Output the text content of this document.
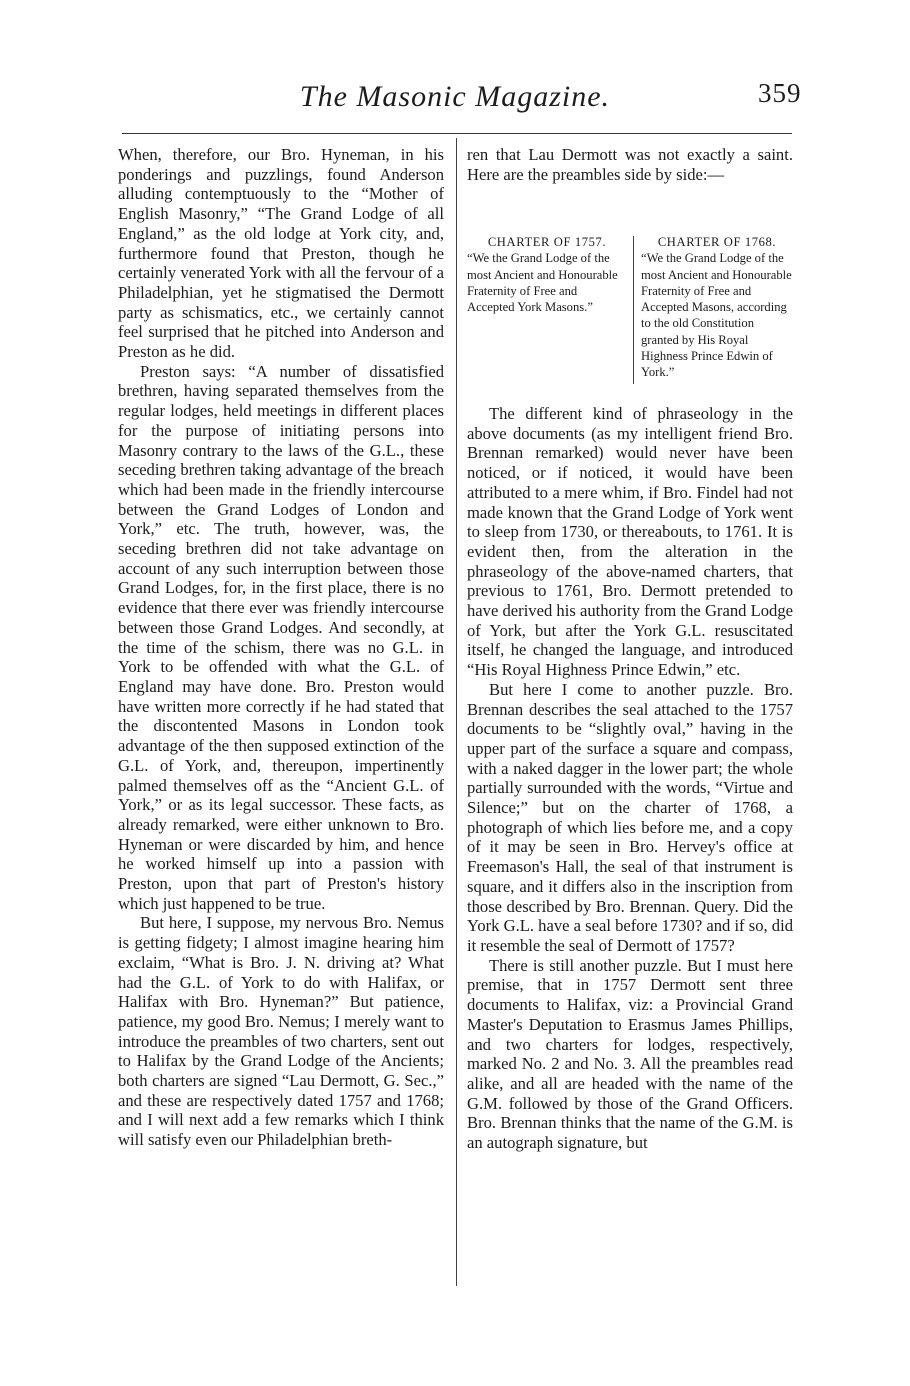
The Masonic Magazine.	359

When, therefore, our Bro. Hyneman, in his ponderings and puzzlings, found Anderson alluding contemptuously to the “Mother of English Masonry,” “The Grand Lodge of all England,” as the old lodge at York city, and, furthermore found that Preston, though he certainly venerated York with all the fervour of a Philadelphian, yet he stigmatised the Dermott party as schismatics, etc., we certainly cannot feel surprised that he pitched into Anderson and Preston as he did.

Preston says: “A number of dissatisfied brethren, having separated themselves from the regular lodges, held meetings in different places for the purpose of initiating persons into Masonry contrary to the laws of the G.L., these seceding brethren taking advantage of the breach which had been made in the friendly intercourse between the Grand Lodges of London and York,” etc. The truth, however, was, the seceding brethren did not take advantage on account of any such interruption between those Grand Lodges, for, in the first place, there is no evidence that there ever was friendly intercourse between those Grand Lodges. And secondly, at the time of the schism, there was no G.L. in York to be offended with what the G.L. of England may have done. Bro. Preston would have written more correctly if he had stated that the discontented Masons in London took advantage of the then supposed extinction of the G.L. of York, and, thereupon, impertinently palmed themselves off as the “Ancient G.L. of York,” or as its legal successor. These facts, as already remarked, were either unknown to Bro. Hyneman or were discarded by him, and hence he worked himself up into a passion with Preston, upon that part of Preston's history which just happened to be true.

But here, I suppose, my nervous Bro. Nemus is getting fidgety; I almost imagine hearing him exclaim, “What is Bro. J. N. driving at? What had the G.L. of York to do with Halifax, or Halifax with Bro. Hyneman?” But patience, patience, my good Bro. Nemus; I merely want to introduce the preambles of two charters, sent out to Halifax by the Grand Lodge of the Ancients; both charters are signed “Lau Dermott, G. Sec.,” and these are respectively dated 1757 and 1768; and I will next add a few remarks which I think will satisfy even our Philadelphian breth-

ren that Lau Dermott was not exactly a saint. Here are the preambles side by side:—

CHARTER OF 1757.
“We the Grand Lodge of the most Ancient and Honourable Fraternity of Free and Accepted York Masons.”
CHARTER OF 1768.
“We the Grand Lodge of the most Ancient and Honourable Fraternity of Free and Accepted Masons, according to the old Constitution granted by His Royal Highness Prince Edwin of York.”

The different kind of phraseology in the above documents (as my intelligent friend Bro. Brennan remarked) would never have been noticed, or if noticed, it would have been attributed to a mere whim, if Bro. Findel had not made known that the Grand Lodge of York went to sleep from 1730, or thereabouts, to 1761. It is evident then, from the alteration in the phraseology of the above-named charters, that previous to 1761, Bro. Dermott pretended to have derived his authority from the Grand Lodge of York, but after the York G.L. resuscitated itself, he changed the language, and introduced “His Royal Highness Prince Edwin,” etc.

But here I come to another puzzle. Bro. Brennan describes the seal attached to the 1757 documents to be “slightly oval,” having in the upper part of the surface a square and compass, with a naked dagger in the lower part; the whole partially surrounded with the words, “Virtue and Silence;” but on the charter of 1768, a photograph of which lies before me, and a copy of it may be seen in Bro. Hervey's office at Freemason's Hall, the seal of that instrument is square, and it differs also in the inscription from those described by Bro. Brennan. Query. Did the York G.L. have a seal before 1730? and if so, did it resemble the seal of Dermott of 1757?

There is still another puzzle. But I must here premise, that in 1757 Dermott sent three documents to Halifax, viz: a Provincial Grand Master's Deputation to Erasmus James Phillips, and two charters for lodges, respectively, marked No. 2 and No. 3. All the preambles read alike, and all are headed with the name of the G.M. followed by those of the Grand Officers. Bro. Brennan thinks that the name of the G.M. is an autograph signature, but
